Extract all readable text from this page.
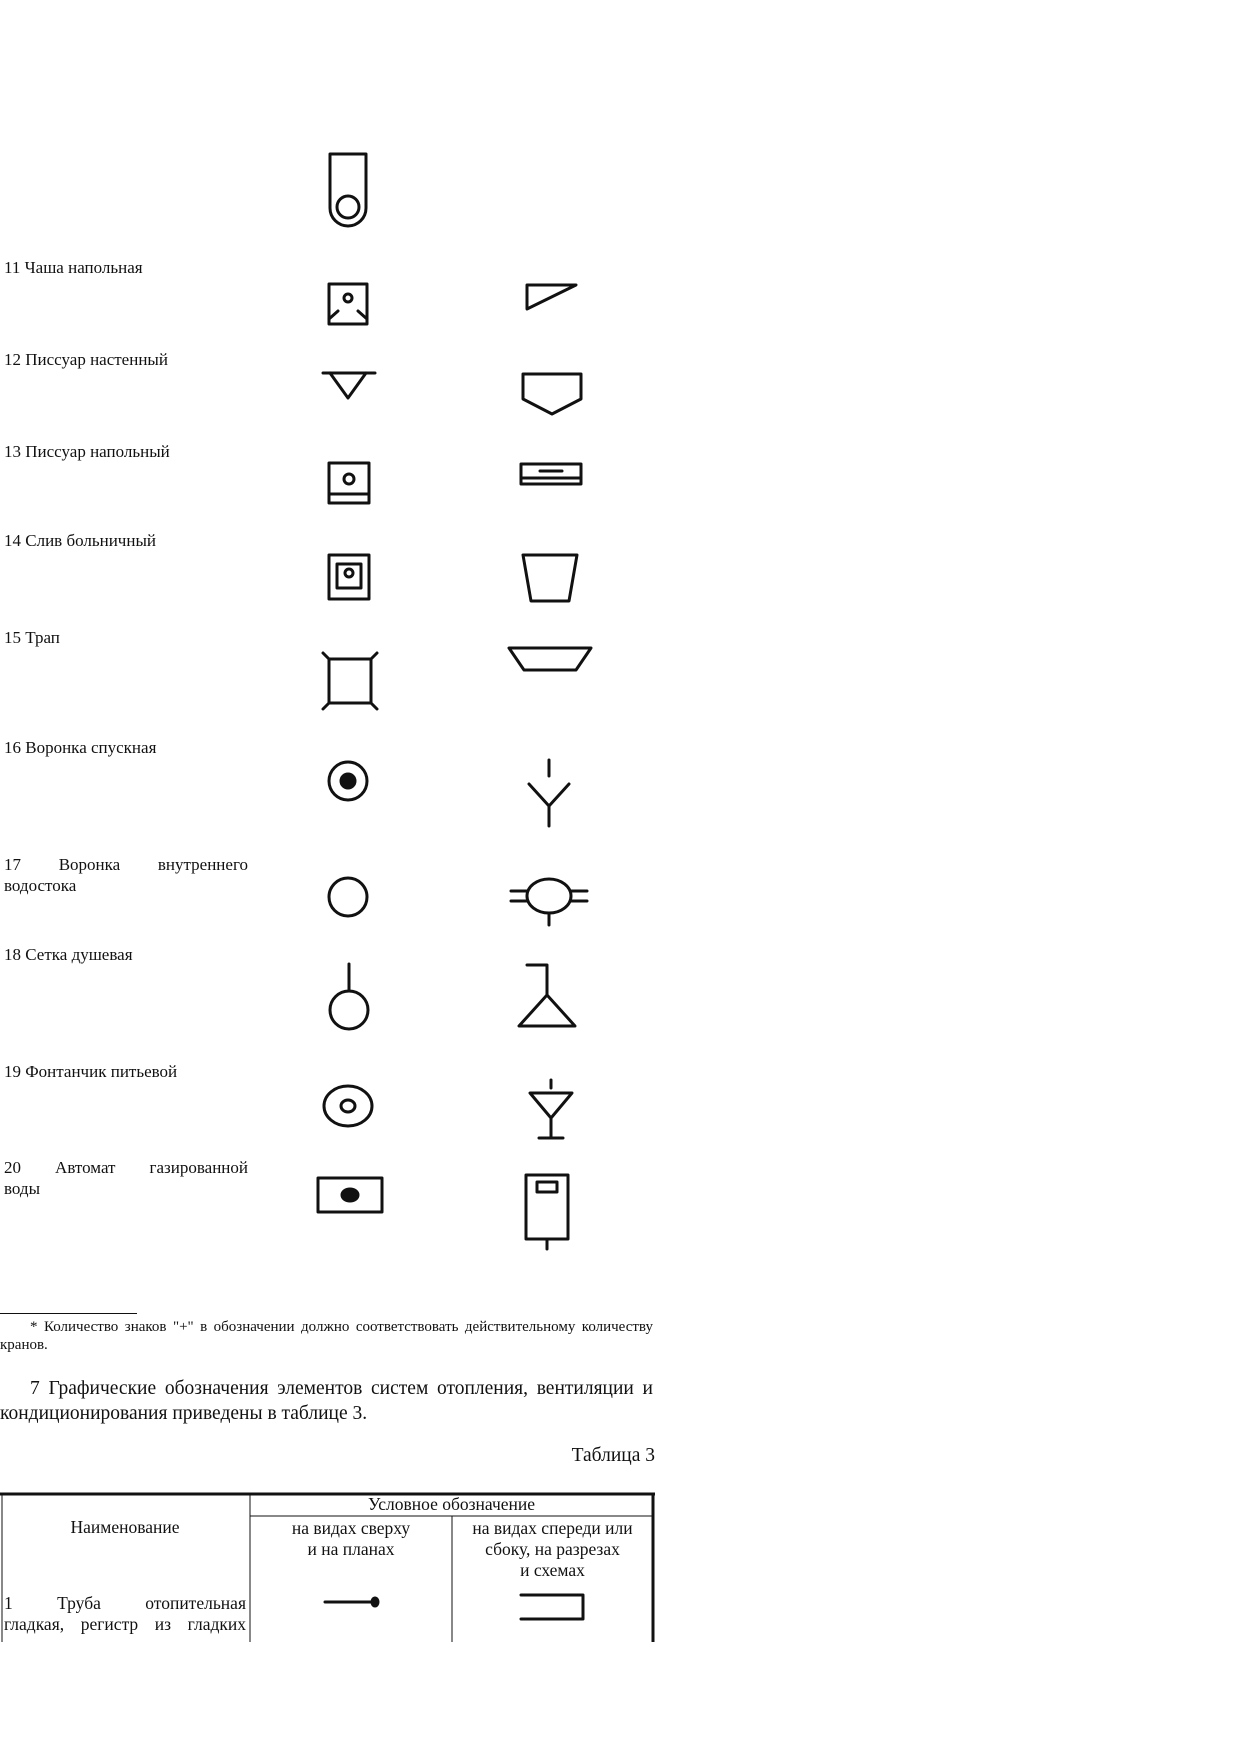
11 Чаша напольная
12 Писсуар настенный
13 Писсуар напольный
14 Слив больничный
15 Трап
16 Воронка спускная
17 Воронка внутреннего
водостока
18 Сетка душевая
19 Фонтанчик питьевой
20 Автомат газированной
воды
* Количество знаков "+" в обозначении должно соответствовать действительному количеству кранов.
7 Графические обозначения элементов систем отопления, вентиляции и кондиционирования приведены в таблице 3.
Таблица 3
Наименование
Условное обозначение
на видах сверху
и на планах
на видах спереди или
сбоку, на разрезах
и схемах
1 Труба отопительная
гладкая, регистр из гладких
